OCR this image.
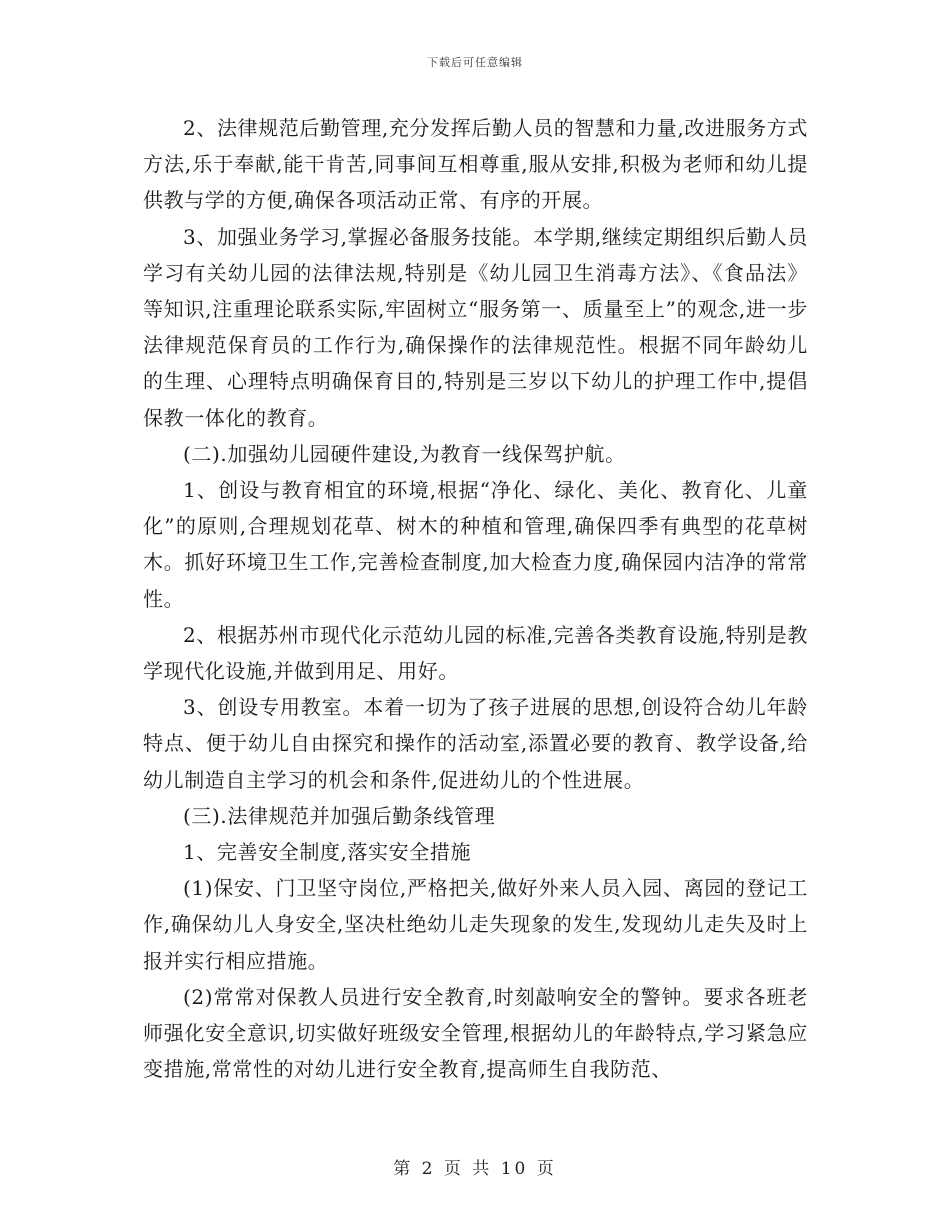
下载后可任意编辑

2、法律规范后勤管理,充分发挥后勤人员的智慧和力量,改进服务方式方法,乐于奉献,能干肯苦,同事间互相尊重,服从安排,积极为老师和幼儿提供教与学的方便,确保各项活动正常、有序的开展。

3、加强业务学习,掌握必备服务技能。本学期,继续定期组织后勤人员学习有关幼儿园的法律法规,特别是《幼儿园卫生消毒方法》、《食品法》等知识,注重理论联系实际,牢固树立“服务第一、质量至上”的观念,进一步法律规范保育员的工作行为,确保操作的法律规范性。根据不同年龄幼儿的生理、心理特点明确保育目的,特别是三岁以下幼儿的护理工作中,提倡保教一体化的教育。

(二).加强幼儿园硬件建设,为教育一线保驾护航。

1、创设与教育相宜的环境,根据“净化、绿化、美化、教育化、儿童化”的原则,合理规划花草、树木的种植和管理,确保四季有典型的花草树木。抓好环境卫生工作,完善检查制度,加大检查力度,确保园内洁净的常常性。

2、根据苏州市现代化示范幼儿园的标准,完善各类教育设施,特别是教学现代化设施,并做到用足、用好。

3、创设专用教室。本着一切为了孩子进展的思想,创设符合幼儿年龄特点、便于幼儿自由探究和操作的活动室,添置必要的教育、教学设备,给幼儿制造自主学习的机会和条件,促进幼儿的个性进展。

(三).法律规范并加强后勤条线管理

1、完善安全制度,落实安全措施

(1)保安、门卫坚守岗位,严格把关,做好外来人员入园、离园的登记工作,确保幼儿人身安全,坚决杜绝幼儿走失现象的发生,发现幼儿走失及时上报并实行相应措施。

(2)常常对保教人员进行安全教育,时刻敲响安全的警钟。要求各班老师强化安全意识,切实做好班级安全管理,根据幼儿的年龄特点,学习紧急应变措施,常常性的对幼儿进行安全教育,提高师生自我防范、

第 2 页 共 10 页
